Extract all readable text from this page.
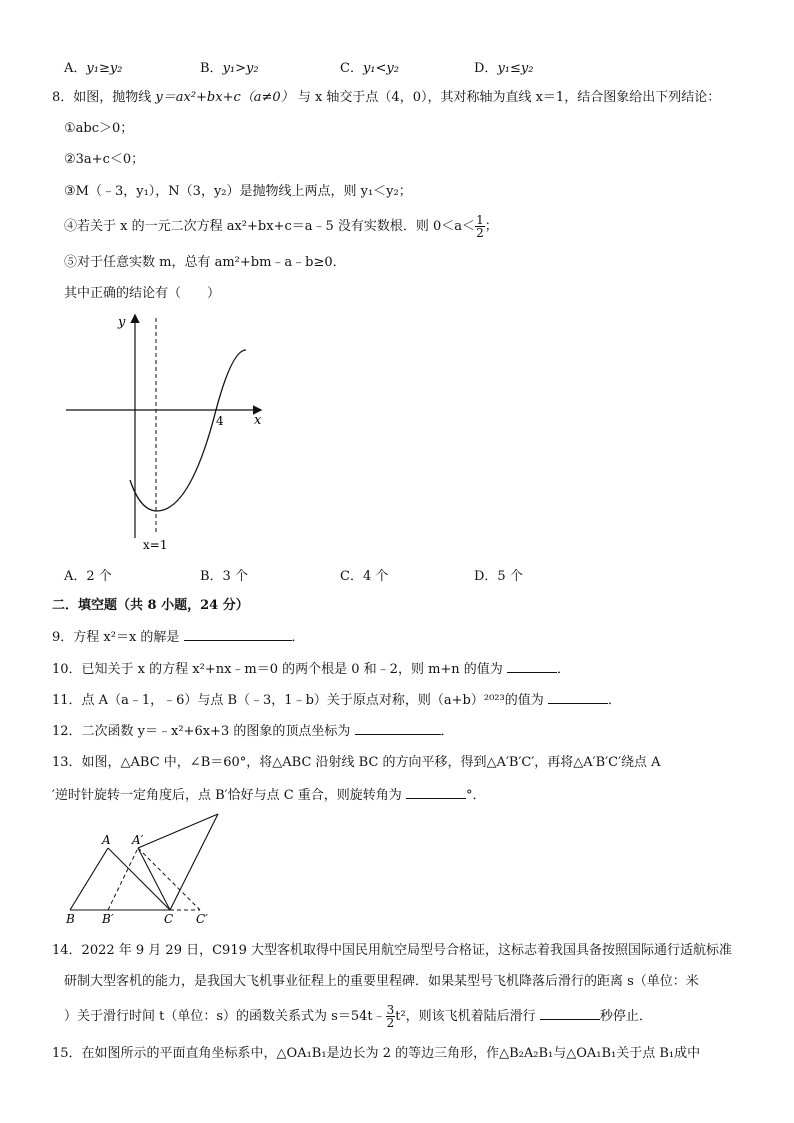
A．y₁≥y₂	B．y₁>y₂	C．y₁<y₂	D．y₁≤y₂
8．如图，抛物线 y＝ax²+bx+c（a≠0） 与 x 轴交于点（4，0），其对称轴为直线 x＝1，结合图象给出下列结论：
①abc＞0；
②3a+c＜0；
③M（﹣3，y₁），N（3，y₂）是抛物线上两点，则 y₁＜y₂；
④若关于 x 的一元二次方程 ax²+bx+c＝a﹣5 没有实数根．则 $0<a< \frac{1}{2}$ ；
⑤对于任意实数 m，总有 am²+bm﹣a﹣b≥0．
其中正确的结论有（　　）
y
x
4
x=1
A．2 个	B．3 个	C．4 个	D．5 个
二．填空题（共 8 小题，24 分）
9．方程 x²＝x 的解是	．
10．已知关于 x 的方程 x²+nx﹣m＝0 的两个根是 0 和﹣2，则 m+n 的值为	．
11．点 A（a﹣1，﹣6）与点 B（﹣3，1﹣b）关于原点对称，则（a+b）²⁰²³的值为	．
12．二次函数 y＝﹣x²+6x+3 的图象的顶点坐标为	．
13．如图，△ABC 中，∠B＝60°，将△ABC 沿射线 BC 的方向平移，得到△A′B′C′，再将△A′B′C′绕点 A
′逆时针旋转一定角度后，点 B′恰好与点 C 重合，则旋转角为	°．
A A′
B B′	C C′
14．2022 年 9 月 29 日，C919 大型客机取得中国民用航空局型号合格证，这标志着我国具备按照国际通行适航标准
研制大型客机的能力，是我国大飞机事业征程上的重要里程碑．如果某型号飞机降落后滑行的距离 s（单位：米
）关于滑行时间 t（单位：s）的函数关系式为 s＝54t﹣ $\frac{3}{2} t^2$，则该飞机着陆后滑行	秒停止．
15．在如图所示的平面直角坐标系中，△OA₁B₁是边长为 2 的等边三角形，作△B₂A₂B₁与△OA₁B₁关于点 B₁成中
